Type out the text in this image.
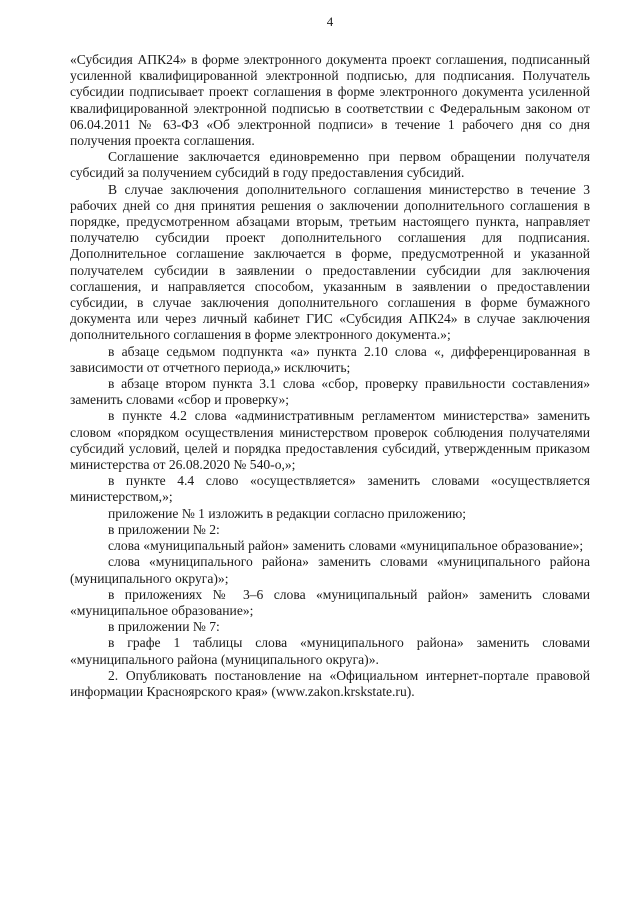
4

«Субсидия АПК24» в форме электронного документа проект соглашения, подписанный усиленной квалифицированной электронной подписью, для подписания. Получатель субсидии подписывает проект соглашения в форме электронного документа усиленной квалифицированной электронной подписью в соответствии с Федеральным законом от 06.04.2011 № 63-ФЗ «Об электронной подписи» в течение 1 рабочего дня со дня получения проекта соглашения.

Соглашение заключается единовременно при первом обращении получателя субсидий за получением субсидий в году предоставления субсидий.

В случае заключения дополнительного соглашения министерство в течение 3 рабочих дней со дня принятия решения о заключении дополнительного соглашения в порядке, предусмотренном абзацами вторым, третьим настоящего пункта, направляет получателю субсидии проект дополнительного соглашения для подписания. Дополнительное соглашение заключается в форме, предусмотренной и указанной получателем субсидии в заявлении о предоставлении субсидии для заключения соглашения, и направляется способом, указанным в заявлении о предоставлении субсидии, в случае заключения дополнительного соглашения в форме бумажного документа или через личный кабинет ГИС «Субсидия АПК24» в случае заключения дополнительного соглашения в форме электронного документа.»;

в абзаце седьмом подпункта «а» пункта 2.10 слова «, дифференцированная в зависимости от отчетного периода,» исключить;

в абзаце втором пункта 3.1 слова «сбор, проверку правильности составления» заменить словами «сбор и проверку»;

в пункте 4.2 слова «административным регламентом министерства» заменить словом «порядком осуществления министерством проверок соблюдения получателями субсидий условий, целей и порядка предоставления субсидий, утвержденным приказом министерства от 26.08.2020 № 540-о,»;

в пункте 4.4 слово «осуществляется» заменить словами «осуществляется министерством,»;

приложение № 1 изложить в редакции согласно приложению;

в приложении № 2:

слова «муниципальный район» заменить словами «муниципальное образование»;

слова «муниципального района» заменить словами «муниципального района (муниципального округа)»;

в приложениях № 3–6 слова «муниципальный район» заменить словами «муниципальное образование»;

в приложении № 7:

в графе 1 таблицы слова «муниципального района» заменить словами «муниципального района (муниципального округа)».

2. Опубликовать постановление на «Официальном интернет-портале правовой информации Красноярского края» (www.zakon.krskstate.ru).
